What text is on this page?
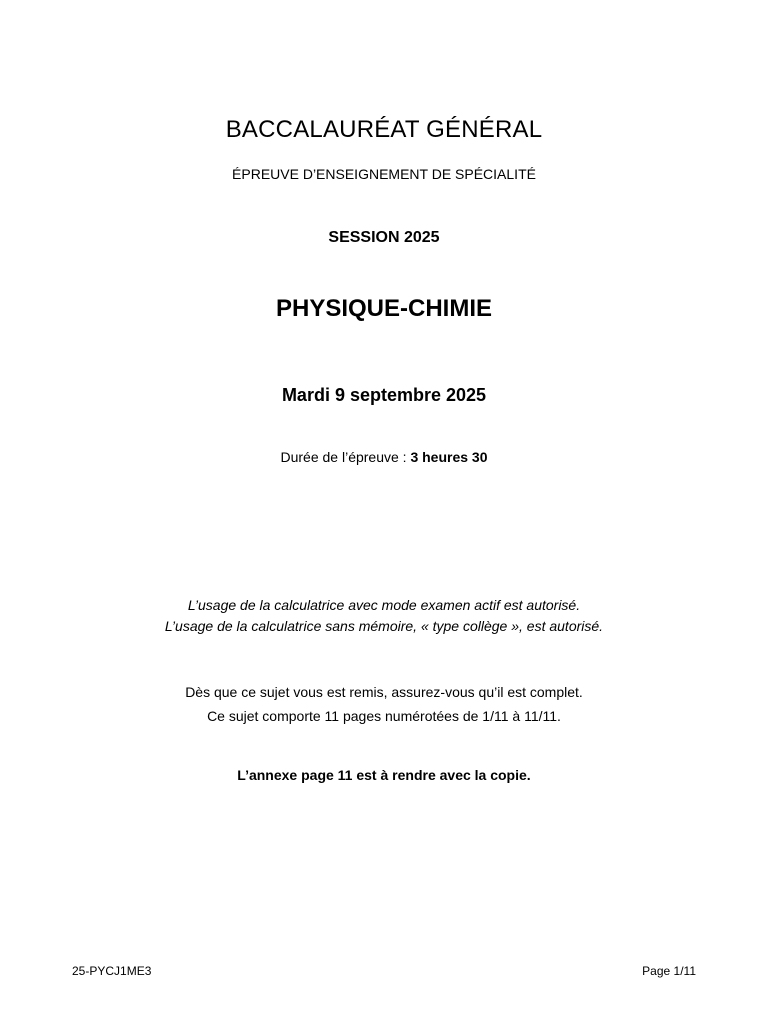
BACCALAURÉAT GÉNÉRAL
ÉPREUVE D’ENSEIGNEMENT DE SPÉCIALITÉ
SESSION 2025
PHYSIQUE-CHIMIE
Mardi 9 septembre 2025
Durée de l’épreuve : 3 heures 30
L’usage de la calculatrice avec mode examen actif est autorisé.
L’usage de la calculatrice sans mémoire, « type collège », est autorisé.
Dès que ce sujet vous est remis, assurez-vous qu’il est complet.
Ce sujet comporte 11 pages numérotées de 1/11 à 11/11.
L’annexe page 11 est à rendre avec la copie.
25-PYCJ1ME3	Page 1/11
